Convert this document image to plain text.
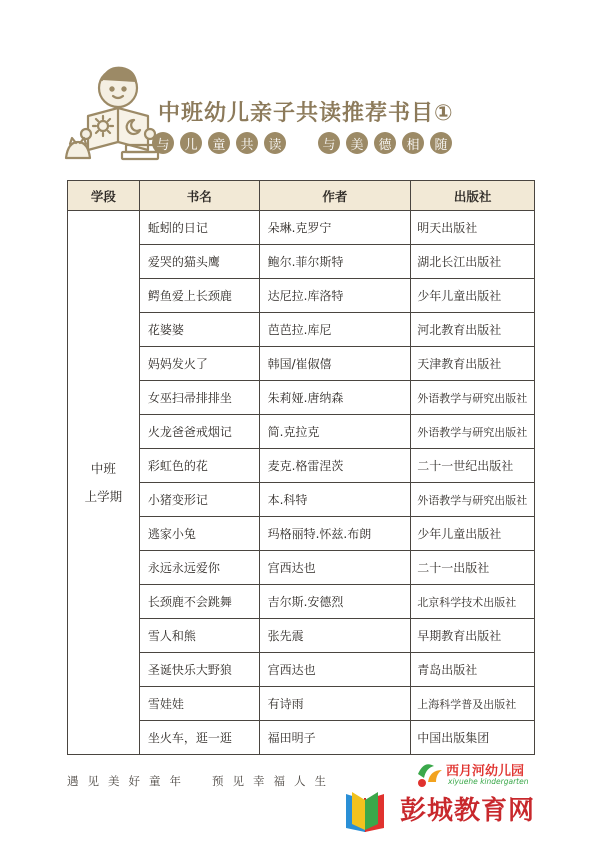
中班幼儿亲子共读推荐书目①
与	儿	童	共	读	与	美	德	相	随
学段	书名	作者	出版社
中班
上学期	蚯蚓的日记	朵琳.克罗宁	明天出版社
	爱哭的猫头鹰	鲍尔.菲尔斯特	湖北长江出版社
	鳄鱼爱上长颈鹿	达尼拉.库洛特	少年儿童出版社
	花婆婆	芭芭拉.库尼	河北教育出版社
	妈妈发火了	韩国/崔俶僖	天津教育出版社
	女巫扫帚排排坐	朱莉娅.唐纳森	外语教学与研究出版社
	火龙爸爸戒烟记	简.克拉克	外语教学与研究出版社
	彩虹色的花	麦克.格雷涅茨	二十一世纪出版社
	小猪变形记	本.科特	外语教学与研究出版社
	逃家小兔	玛格丽特.怀兹.布朗	少年儿童出版社
	永远永远爱你	宫西达也	二十一出版社
	长颈鹿不会跳舞	吉尔斯.安德烈	北京科学技术出版社
	雪人和熊	张先震	早期教育出版社
	圣诞快乐大野狼	宫西达也	青岛出版社
	雪娃娃	有诗雨	上海科学普及出版社
	坐火车，逛一逛	福田明子	中国出版集团
遇见美好童年 预见幸福人生
西月河幼儿园
xiyuehe kindergarten
彭城教育网
